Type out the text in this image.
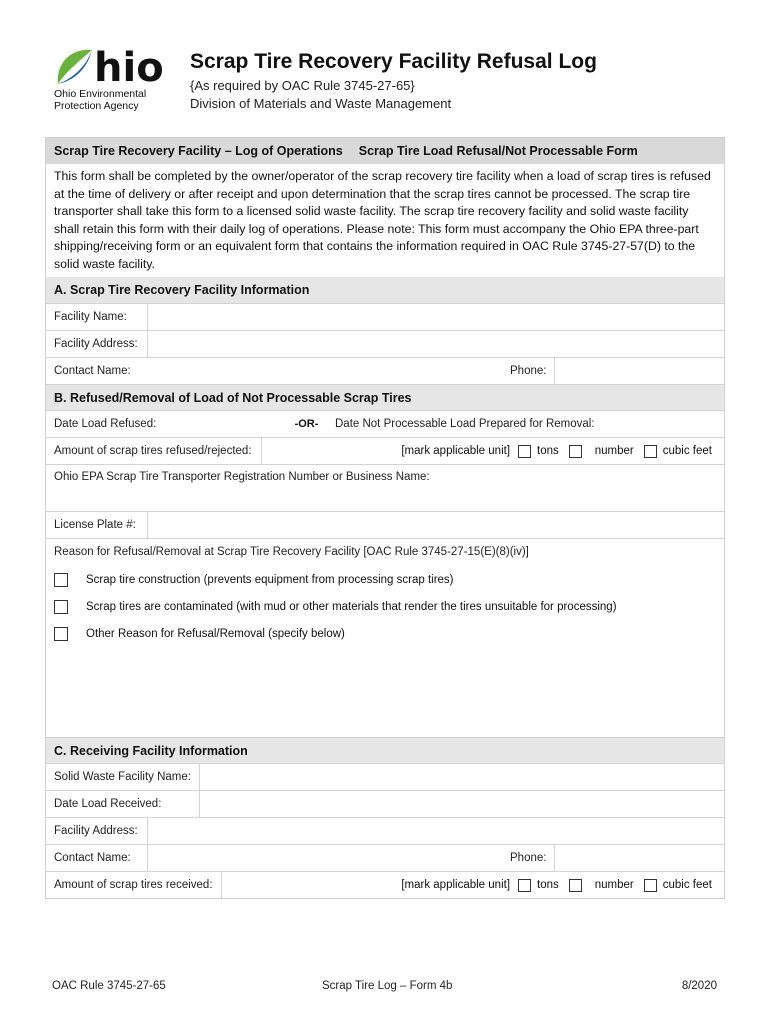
hio
Ohio Environmental
Protection Agency
Scrap Tire Recovery Facility Refusal Log
{As required by OAC Rule 3745-27-65}
Division of Materials and Waste Management
Scrap Tire Recovery Facility – Log of Operations Scrap Tire Load Refusal/Not Processable Form
This form shall be completed by the owner/operator of the scrap recovery tire facility when a load of scrap tires is refused at the time of delivery or after receipt and upon determination that the scrap tires cannot be processed. The scrap tire transporter shall take this form to a licensed solid waste facility. The scrap tire recovery facility and solid waste facility shall retain this form with their daily log of operations. Please note: This form must accompany the Ohio EPA three-part shipping/receiving form or an equivalent form that contains the information required in OAC Rule 3745-27-57(D) to the solid waste facility.
A. Scrap Tire Recovery Facility Information
Facility Name:
Facility Address:
Contact Name:	Phone:
B. Refused/Removal of Load of Not Processable Scrap Tires
Date Load Refused:	-OR-	Date Not Processable Load Prepared for Removal:
Amount of scrap tires refused/rejected:	[mark applicable unit] tons	number	cubic feet
Ohio EPA Scrap Tire Transporter Registration Number or Business Name:
License Plate #:
Reason for Refusal/Removal at Scrap Tire Recovery Facility [OAC Rule 3745-27-15(E)(8)(iv)]
Scrap tire construction (prevents equipment from processing scrap tires)
Scrap tires are contaminated (with mud or other materials that render the tires unsuitable for processing)
Other Reason for Refusal/Removal (specify below)
C. Receiving Facility Information
Solid Waste Facility Name:
Date Load Received:
Facility Address:
Contact Name:	Phone:
Amount of scrap tires received:	[mark applicable unit] tons	number	cubic feet
OAC Rule 3745-27-65	Scrap Tire Log – Form 4b	8/2020
